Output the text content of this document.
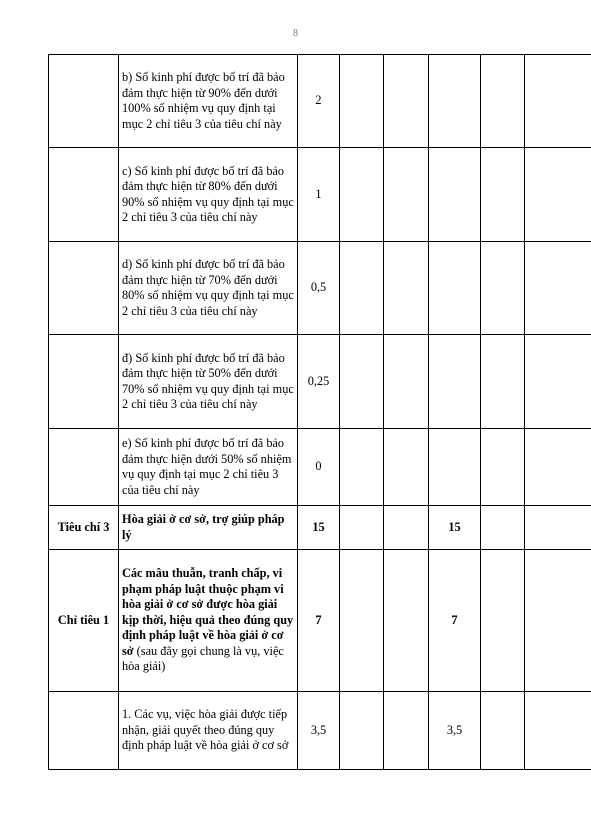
8
	b) Số kinh phí được bố trí đã bảo đảm thực hiện từ 90% đến dưới 100% số nhiệm vụ quy định tại mục 2 chỉ tiêu 3 của tiêu chí này	2					
	c) Số kinh phí được bố trí đã bảo đảm thực hiện từ 80% đến dưới 90% số nhiệm vụ quy định tại mục 2 chỉ tiêu 3 của tiêu chí này	1					
	d) Số kinh phí được bố trí đã bảo đảm thực hiện từ 70% đến dưới 80% số nhiệm vụ quy định tại mục 2 chỉ tiêu 3 của tiêu chí này	0,5					
	đ) Số kinh phí được bố trí đã bảo đảm thực hiện từ 50% đến dưới 70% số nhiệm vụ quy định tại mục 2 chỉ tiêu 3 của tiêu chí này	0,25					
	e) Số kinh phí được bố trí đã bảo đảm thực hiện dưới 50% số nhiệm vụ quy định tại mục 2 chỉ tiêu 3 của tiêu chí này	0					
Tiêu chí 3	Hòa giải ở cơ sở, trợ giúp pháp lý	15			15		
Chỉ tiêu 1	Các mâu thuẫn, tranh chấp, vi phạm pháp luật thuộc phạm vi hòa giải ở cơ sở được hòa giải kịp thời, hiệu quả theo đúng quy định pháp luật về hòa giải ở cơ sở (sau đây gọi chung là vụ, việc hòa giải)	7			7		
	1. Các vụ, việc hòa giải được tiếp nhận, giải quyết theo đúng quy định pháp luật về hòa giải ở cơ sở	3,5			3,5		
